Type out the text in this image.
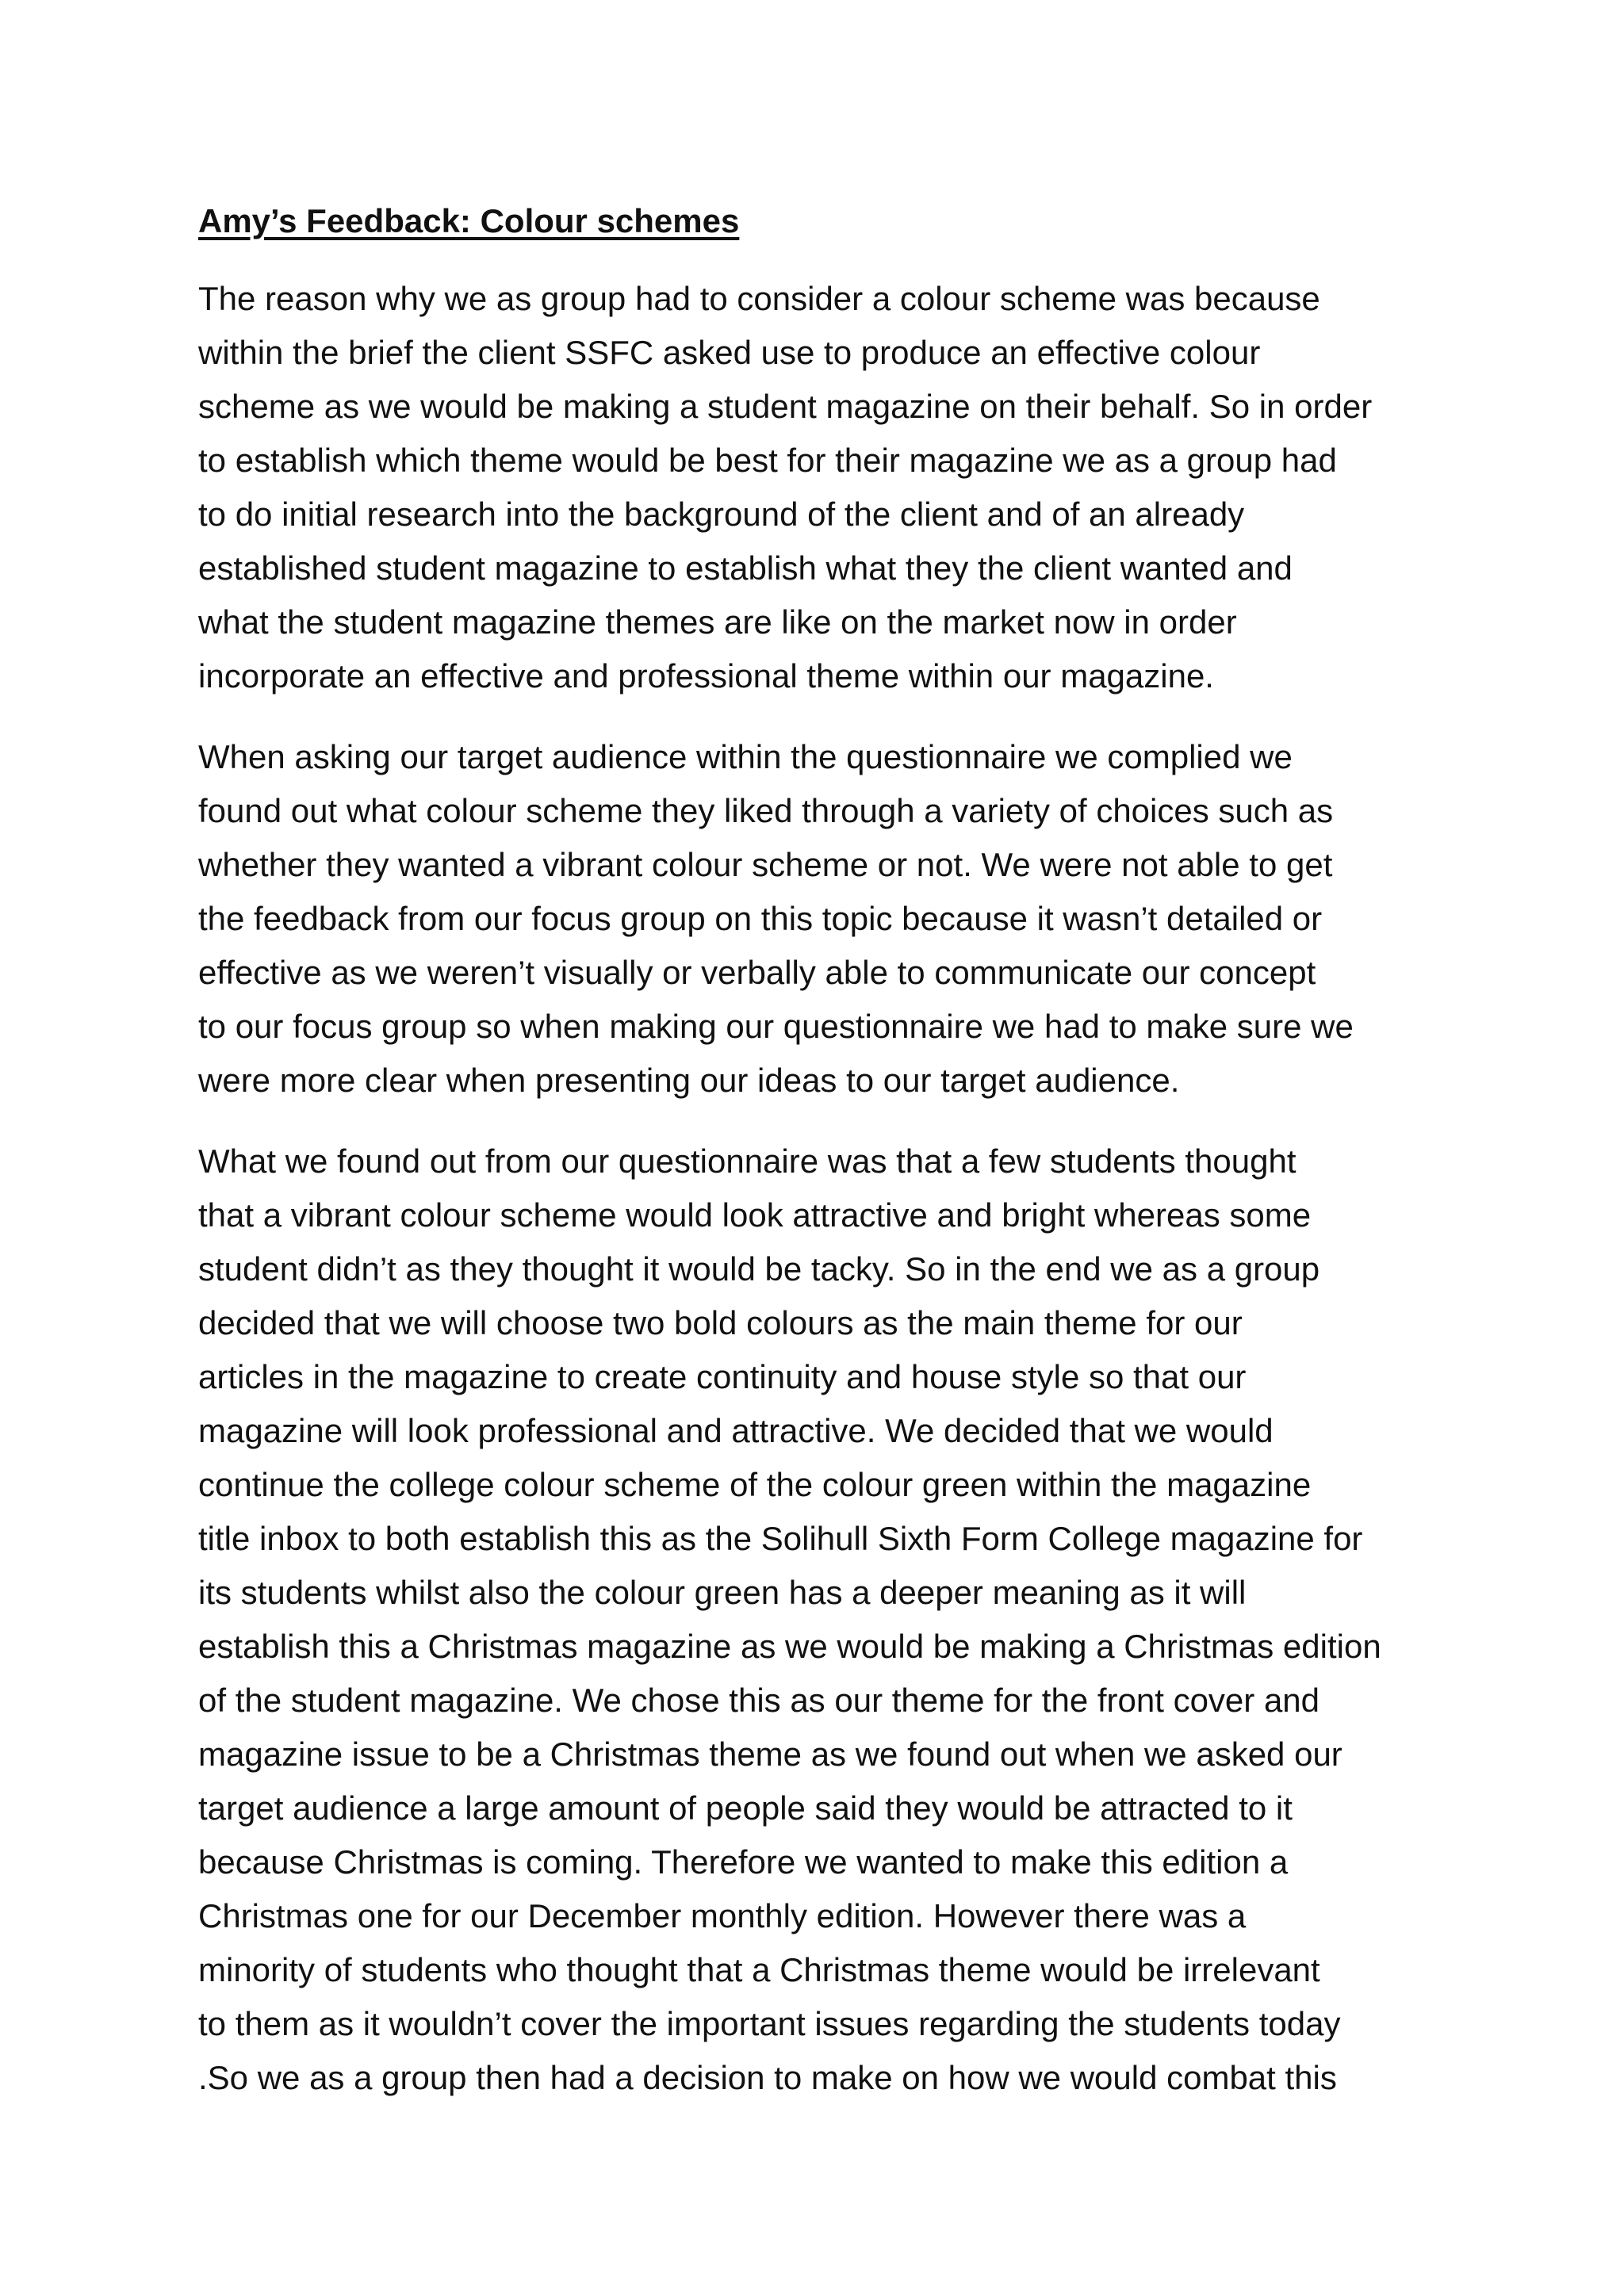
Amy’s Feedback: Colour schemes
The reason why we as group had to consider a colour scheme was because
within the brief the client SSFC asked use to produce an effective colour
scheme as we would be making a student magazine on their behalf. So in order
to establish which theme would be best for their magazine we as a group had
to do initial research into the background of the client and of an already
established student magazine to establish what they the client wanted and
what the student magazine themes are like on the market now in order
incorporate an effective and professional theme within our magazine.
When asking our target audience within the questionnaire we complied we
found out what colour scheme they liked through a variety of choices such as
whether they wanted a vibrant colour scheme or not. We were not able to get
the feedback from our focus group on this topic because it wasn’t detailed or
effective as we weren’t visually or verbally able to communicate our concept
to our focus group so when making our questionnaire we had to make sure we
were more clear when presenting our ideas to our target audience.
What we found out from our questionnaire was that a few students thought
that a vibrant colour scheme would look attractive and bright whereas some
student didn’t as they thought it would be tacky. So in the end we as a group
decided that we will choose two bold colours as the main theme for our
articles in the magazine to create continuity and house style so that our
magazine will look professional and attractive. We decided that we would
continue the college colour scheme of the colour green within the magazine
title inbox to both establish this as the Solihull Sixth Form College magazine for
its students whilst also the colour green has a deeper meaning as it will
establish this a Christmas magazine as we would be making a Christmas edition
of the student magazine. We chose this as our theme for the front cover and
magazine issue to be a Christmas theme as we found out when we asked our
target audience a large amount of people said they would be attracted to it
because Christmas is coming. Therefore we wanted to make this edition a
Christmas one for our December monthly edition. However there was a
minority of students who thought that a Christmas theme would be irrelevant
to them as it wouldn’t cover the important issues regarding the students today
.So we as a group then had a decision to make on how we would combat this
